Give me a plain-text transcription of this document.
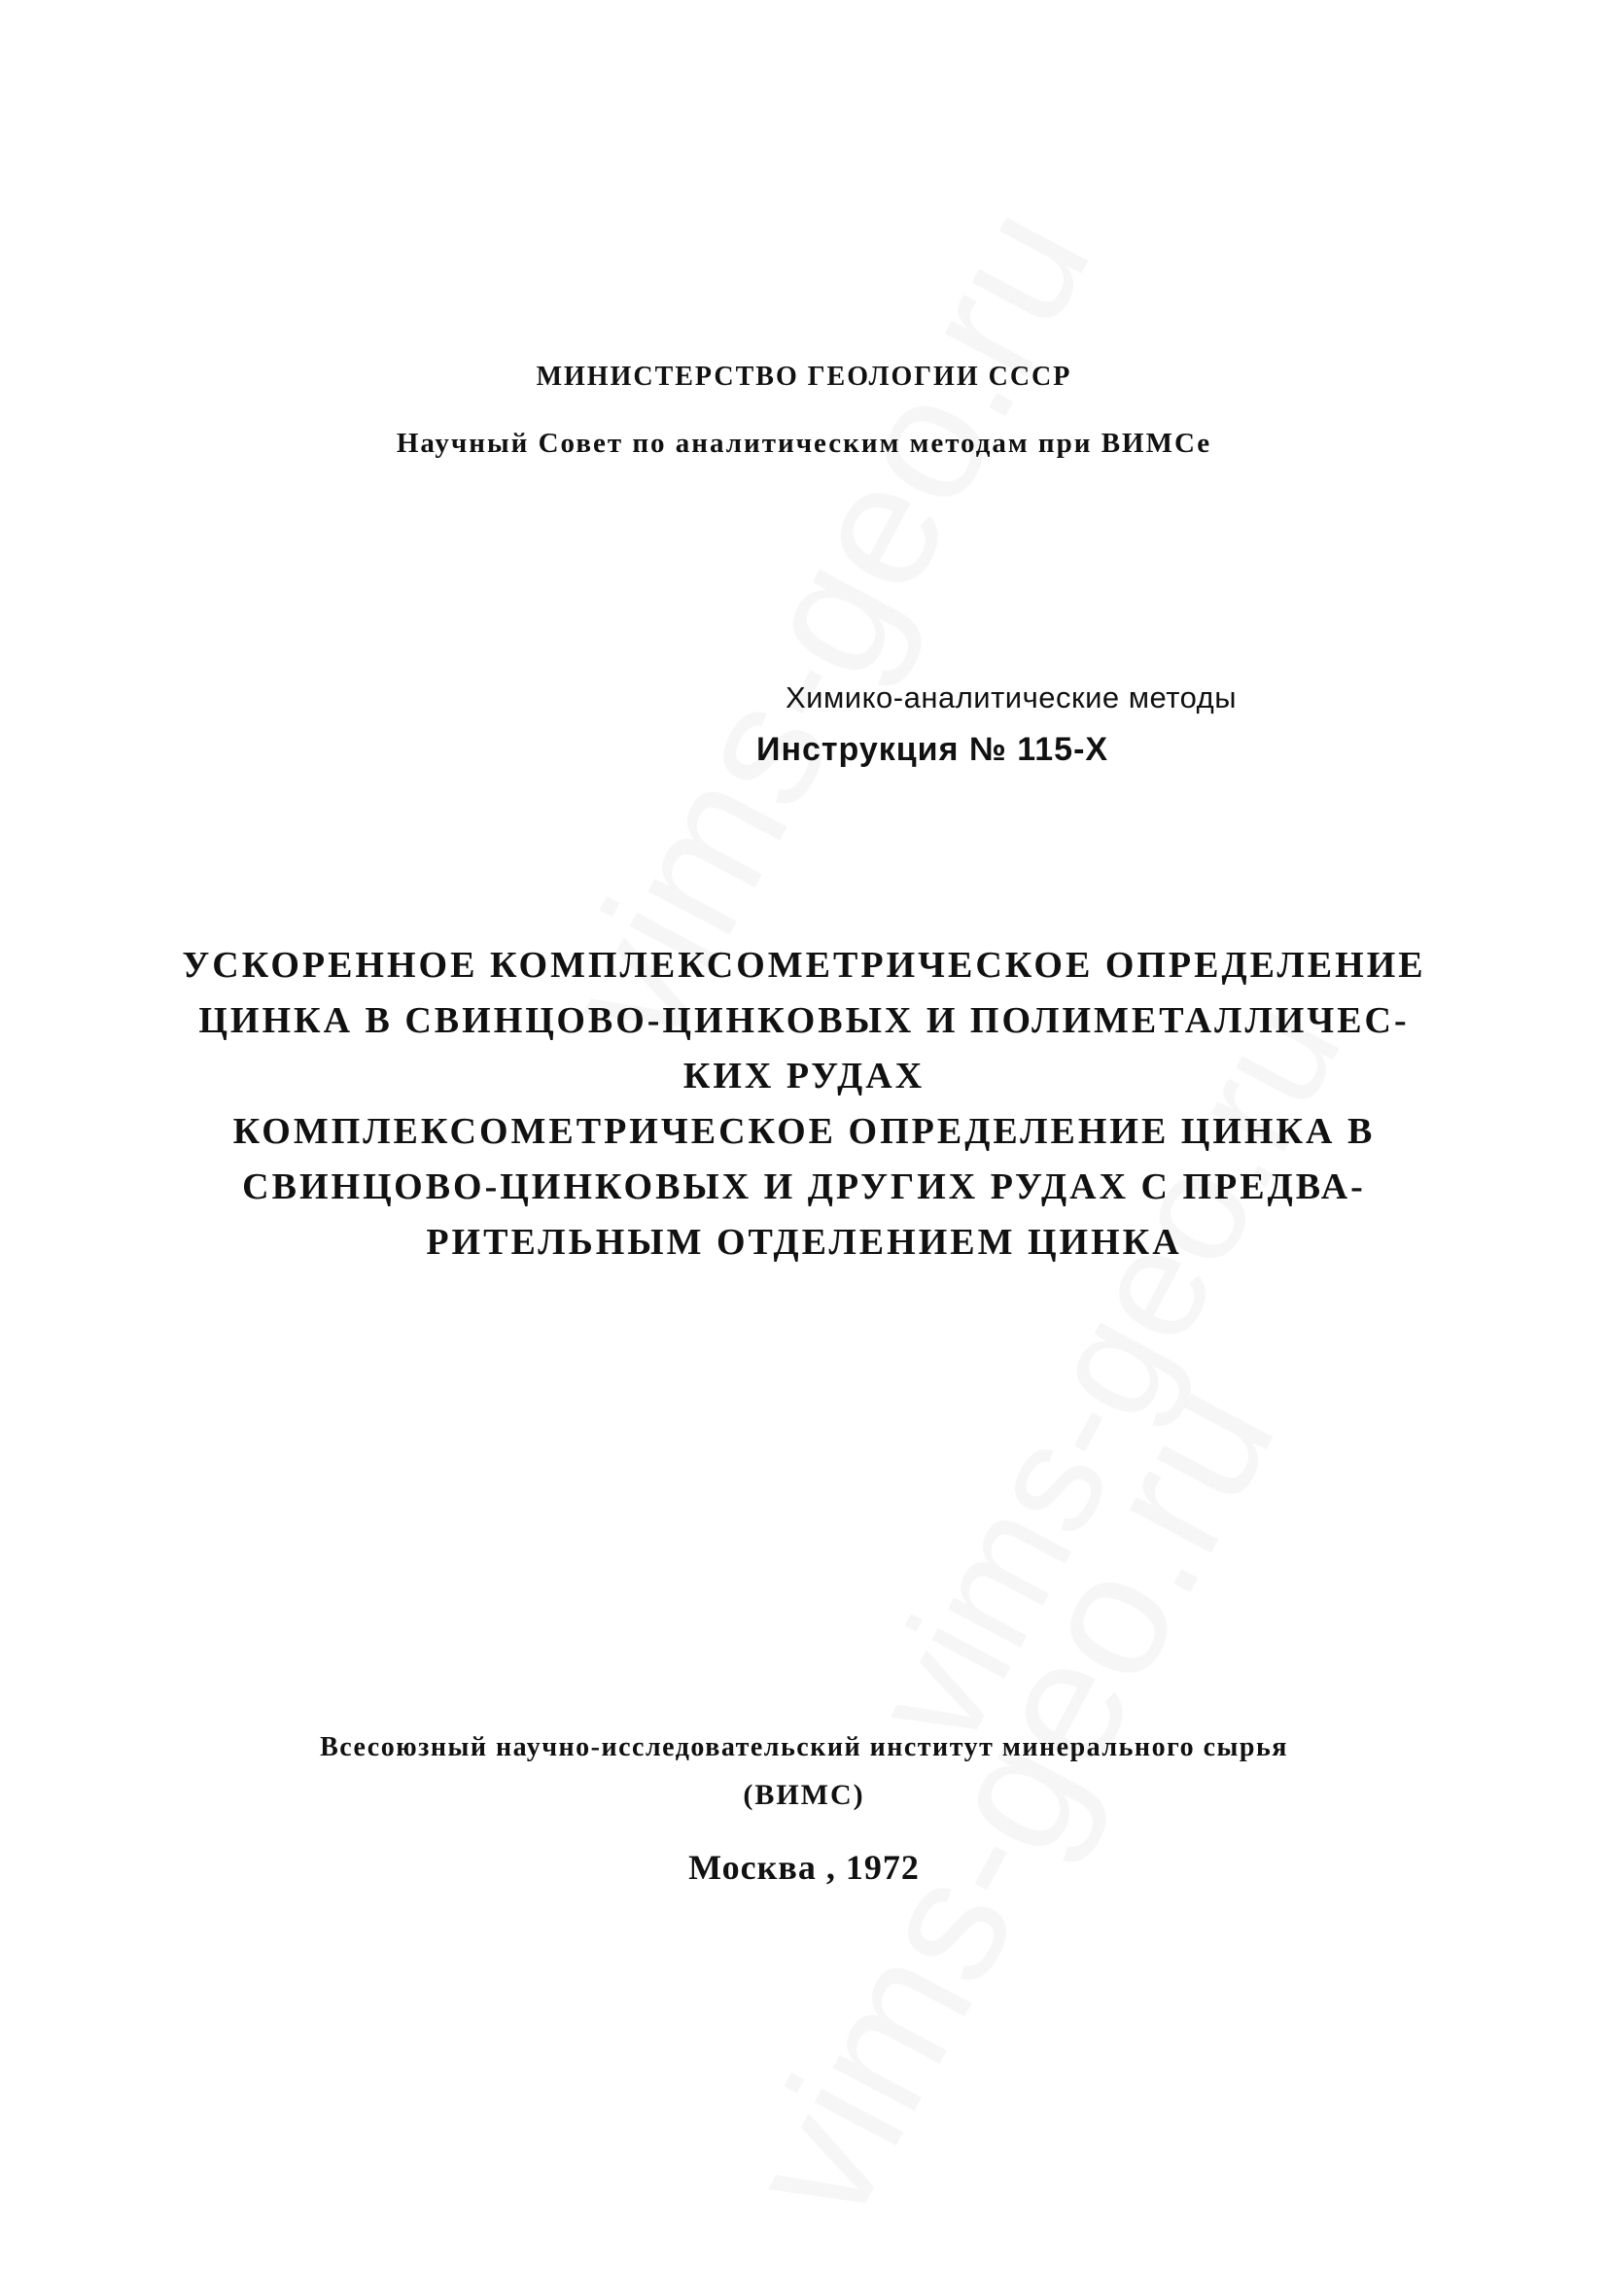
МИНИСТЕРСТВО ГЕОЛОГИИ СССР
Научный Совет по аналитическим методам при ВИМСе
Химико-аналитические методы
Инструкция № 115-Х
УСКОРЕННОЕ КОМПЛЕКСОМЕТРИЧЕСКОЕ ОПРЕДЕЛЕНИЕ
ЦИНКА В СВИНЦОВО-ЦИНКОВЫХ И ПОЛИМЕТАЛЛИЧЕС-
КИХ РУДАХ
КОМПЛЕКСОМЕТРИЧЕСКОЕ ОПРЕДЕЛЕНИЕ ЦИНКА В
СВИНЦОВО-ЦИНКОВЫХ И ДРУГИХ РУДАХ С ПРЕДВА-
РИТЕЛЬНЫМ ОТДЕЛЕНИЕМ ЦИНКА
Всесоюзный научно-исследовательский институт минерального сырья
(ВИМС)
Москва , 1972
